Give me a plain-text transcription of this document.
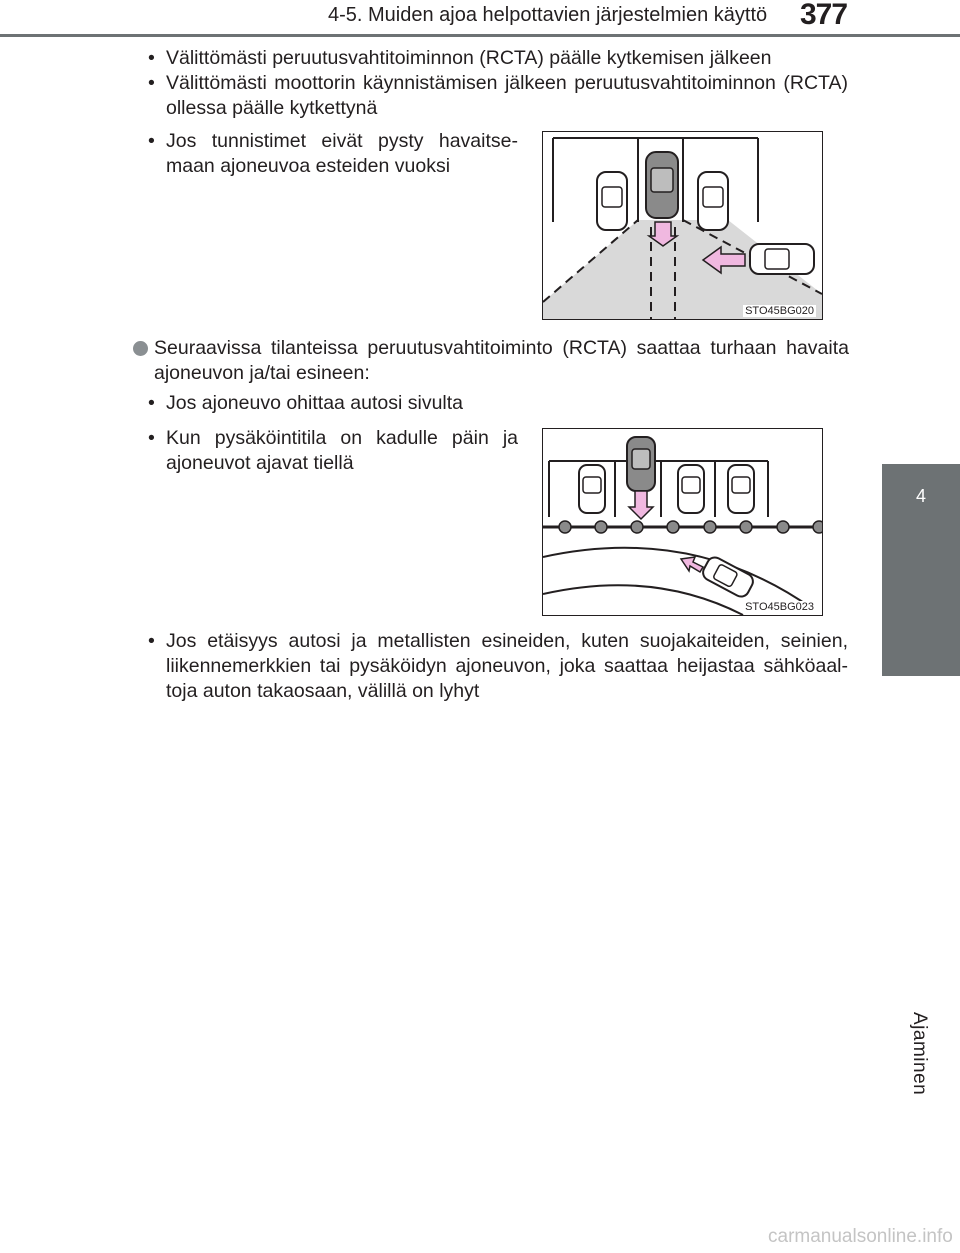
4-5. Muiden ajoa helpottavien järjestelmien käyttö 377
4
Ajaminen
• Välittömästi peruutusvahtitoiminnon (RCTA) päälle kytkemisen jälkeen
• Välittömästi moottorin käynnistämisen jälkeen peruutusvahtitoiminnon (RCTA) ollessa päälle kytkettynä
• Jos tunnistimet eivät pysty havaitse-maan ajoneuvoa esteiden vuoksi
STO45BG020
Seuraavissa tilanteissa peruutusvahtitoiminto (RCTA) saattaa turhaan havaita ajoneuvon ja/tai esineen:
• Jos ajoneuvo ohittaa autosi sivulta
• Kun pysäköintitila on kadulle päin ja ajoneuvot ajavat tiellä
STO45BG023
• Jos etäisyys autosi ja metallisten esineiden, kuten suojakaiteiden, seinien, liikennemerkkien tai pysäköidyn ajoneuvon, joka saattaa heijastaa sähköaal-toja auton takaosaan, välillä on lyhyt
carmanualsonline.info
